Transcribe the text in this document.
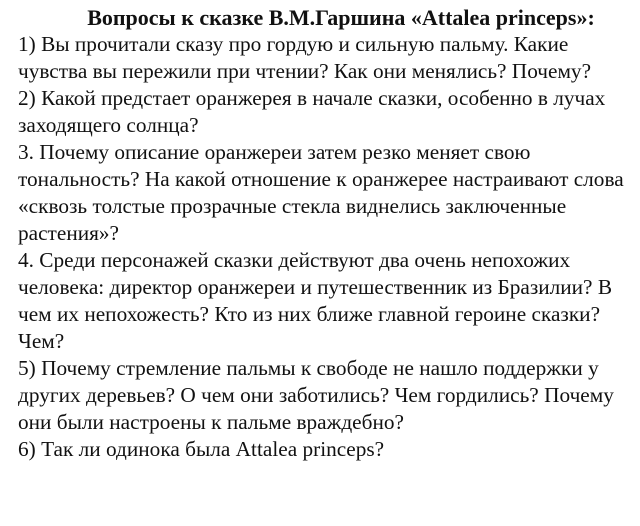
Вопросы к сказке В.М.Гаршина «Attalea princeps»:

1) Вы прочитали сказу про гордую и сильную пальму. Какие чувства вы пережили при чтении? Как они менялись? Почему?

2) Какой предстает оранжерея в начале сказки, особенно в лучах заходящего солнца?

3. Почему описание оранжереи затем резко меняет свою тональность? На какой отношение к оранжерее настраивают слова «сквозь толстые прозрачные стекла виднелись заключенные растения»?

4. Среди персонажей сказки действуют два очень непохожих человека: директор оранжереи и путешественник из Бразилии? В чем их непохожесть? Кто из них ближе главной героине сказки? Чем?

5) Почему стремление пальмы к свободе не нашло поддержки у других деревьев? О чем они заботились? Чем гордились? Почему они были настроены к пальме враждебно?

6) Так ли одинока была Attalea princeps?
